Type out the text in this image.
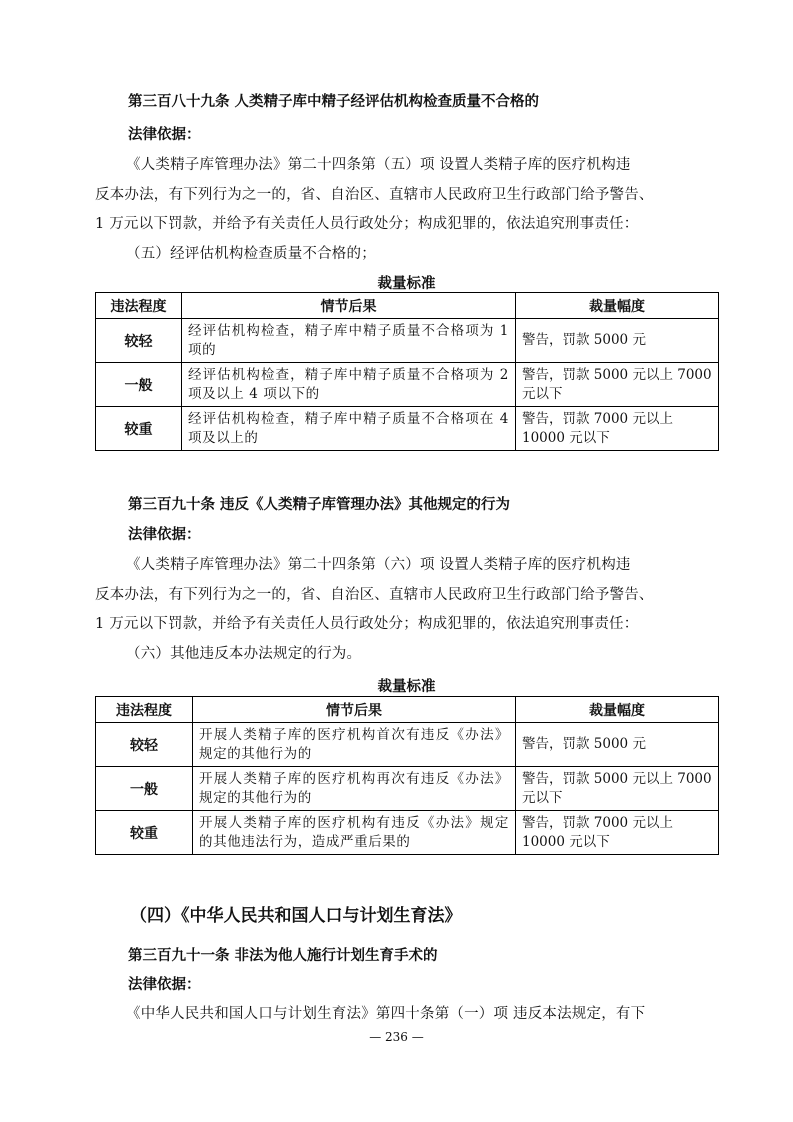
第三百八十九条 人类精子库中精子经评估机构检查质量不合格的
法律依据：
《人类精子库管理办法》第二十四条第（五）项 设置人类精子库的医疗机构违
反本办法，有下列行为之一的，省、自治区、直辖市人民政府卫生行政部门给予警告、
1 万元以下罚款，并给予有关责任人员行政处分；构成犯罪的，依法追究刑事责任：
（五）经评估机构检查质量不合格的；
裁量标准
违法程度	情节后果	裁量幅度
较轻	经评估机构检查，精子库中精子质量不合格项为 1 项的	警告，罚款 5000 元
一般	经评估机构检查，精子库中精子质量不合格项为 2 项及以上 4 项以下的	警告，罚款 5000 元以上 7000 元以下
较重	经评估机构检查，精子库中精子质量不合格项在 4 项及以上的	警告，罚款 7000 元以上 10000 元以下
第三百九十条 违反《人类精子库管理办法》其他规定的行为
法律依据：
《人类精子库管理办法》第二十四条第（六）项 设置人类精子库的医疗机构违
反本办法，有下列行为之一的，省、自治区、直辖市人民政府卫生行政部门给予警告、
1 万元以下罚款，并给予有关责任人员行政处分；构成犯罪的，依法追究刑事责任：
（六）其他违反本办法规定的行为。
裁量标准
违法程度	情节后果	裁量幅度
较轻	开展人类精子库的医疗机构首次有违反《办法》规定的其他行为的	警告，罚款 5000 元
一般	开展人类精子库的医疗机构再次有违反《办法》规定的其他行为的	警告，罚款 5000 元以上 7000 元以下
较重	开展人类精子库的医疗机构有违反《办法》规定的其他违法行为，造成严重后果的	警告，罚款 7000 元以上 10000 元以下
（四）《中华人民共和国人口与计划生育法》
第三百九十一条 非法为他人施行计划生育手术的
法律依据：
《中华人民共和国人口与计划生育法》第四十条第（一）项 违反本法规定，有下
— 236 —
